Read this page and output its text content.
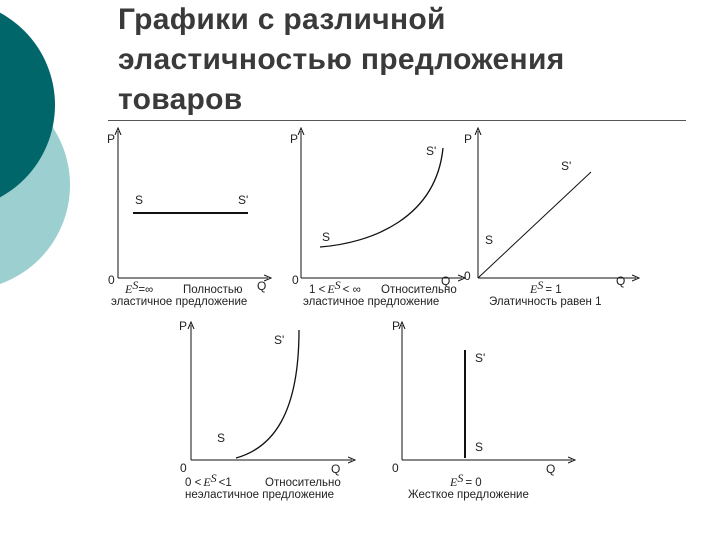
Графики с различной
эластичностью предложения
товаров
P
Q
0
S	S'
$E^S_{=\infty}$	Полностью
эластичное предложение
P
Q
0
S
S'
$1 < E^S$ $_{< \infty}$ Относительно
эластичное предложение
P
Q
0
S
S'
$E^S$ $_{= 1}$
Элатичность равен 1
P
Q
0
S
S'
$0 < E^S$ $_{<1}$	Относительно
неэластичное предложение
P
Q
0
S
S'
$E^S$ $_{= 0}$
Жесткое предложение
